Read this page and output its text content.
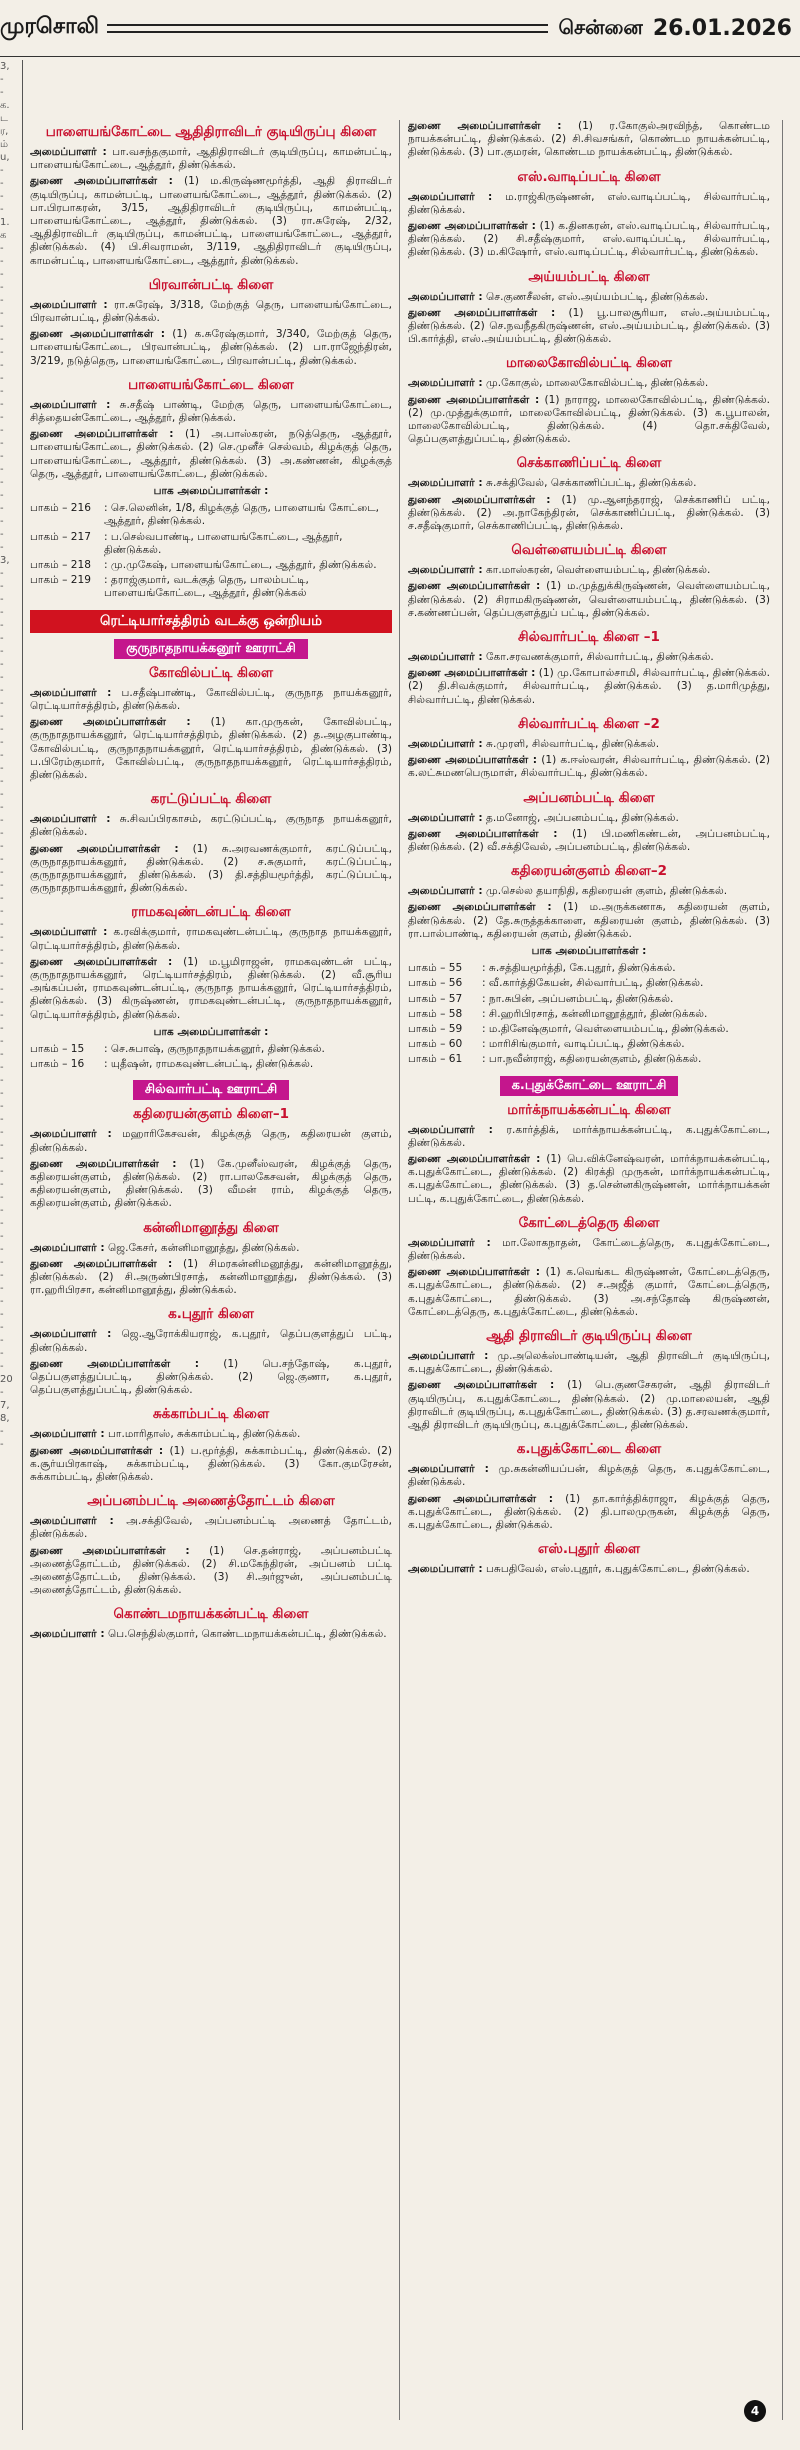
முரசொலி	சென்னை 26.01.2026
3,
-
-
க.
ட
ர,
ம்
u,
-
-
-
-
1.
க
-
-
-
-
-
-
-
-
-
-
-
-
-
-
-
-
-
-
-
-
-
-
-
-
3,
-
-
-
-
-
-
-
-
-
-
-
-
-
-
-
-
-
-
-
-
-
-
-
-
-
-
-
-
-
-
-
-
-
-
-
-
-
-
-
-
-
-
-
-
-
-
-
-
-
-
-
-
-
-
-
-
-
-
-
-
-
-
20
-
7,
8,
-
-
பாளையங்கோட்டை ஆதிதிராவிடர் குடியிருப்பு கிளை
அமைப்பாளர் : பா.வசந்தகுமார், ஆதிதிராவிடர் குடியிருப்பு, காமன்பட்டி, பாளையங்கோட்டை, ஆத்தூர், திண்டுக்கல்.
துணை அமைப்பாளர்கள் : (1) ம.கிருஷ்ணமூர்த்தி, ஆதி திராவிடர் குடியிருப்பு, காமன்பட்டி, பாளையங்கோட்டை, ஆத்தூர், திண்டுக்கல். (2) பா.பிரபாகரன், 3/15, ஆதிதிராவிடர் குடியிருப்பு, காமன்பட்டி, பாளையங்கோட்டை, ஆத்தூர், திண்டுக்கல். (3) ரா.சுரேஷ், 2/32, ஆதிதிராவிடர் குடியிருப்பு, காமன்பட்டி, பாளையங்கோட்டை, ஆத்தூர், திண்டுக்கல். (4) பி.சிவராமன், 3/119, ஆதிதிராவிடர் குடியிருப்பு, காமன்பட்டி, பாளையங்கோட்டை, ஆத்தூர், திண்டுக்கல்.
பிரவான்பட்டி கிளை
அமைப்பாளர் : ரா.சுரேஷ், 3/318, மேற்குத் தெரு, பாளையங்கோட்டை, பிரவான்பட்டி, திண்டுக்கல்.
துணை அமைப்பாளர்கள் : (1) க.சுரேஷ்குமார், 3/340, மேற்குத் தெரு, பாளையங்கோட்டை, பிரவான்பட்டி, திண்டுக்கல். (2) பா.ராஜேந்திரன், 3/219, நடுத்தெரு, பாளையங்கோட்டை, பிரவான்பட்டி, திண்டுக்கல்.
பாளையங்கோட்டை கிளை
அமைப்பாளர் : சு.சதீஷ் பாண்டி, மேற்கு தெரு, பாளையங்கோட்டை, சித்தையன்கோட்டை, ஆத்தூர், திண்டுக்கல்.
துணை அமைப்பாளர்கள் : (1) அ.பாஸ்கரன், நடுத்தெரு, ஆத்தூர், பாளையங்கோட்டை, திண்டுக்கல். (2) செ.முனீச் செல்வம், கிழக்குத் தெரு, பாளையங்கோட்டை, ஆத்தூர், திண்டுக்கல். (3) அ.கண்ணன், கிழக்குத் தெரு, ஆத்தூர், பாளையங்கோட்டை, திண்டுக்கல்.
பாக அமைப்பாளர்கள் :
பாகம் – 216	: செ.லெனின், 1/8, கிழக்குத் தெரு, பாளையங் கோட்டை, ஆத்தூர், திண்டுக்கல்.
பாகம் – 217	: ப.செல்வபாண்டி, பாளையங்கோட்டை, ஆத்தூர், திண்டுக்கல்.
பாகம் – 218	: மு.முகேஷ், பாளையங்கோட்டை, ஆத்தூர், திண்டுக்கல்.
பாகம் – 219	: தராஜ்குமார், வடக்குத் தெரு, பாலம்பட்டி, பாளையங்கோட்டை, ஆத்தூர், திண்டுக்கல்
ரெட்டியார்சத்திரம் வடக்கு ஒன்றியம்
குருநாதநாயக்கனூர் ஊராட்சி
கோவில்பட்டி கிளை
அமைப்பாளர் : ப.சதீஷ்பாண்டி, கோவில்பட்டி, குருநாத நாயக்கனூர், ரெட்டியார்சத்திரம், திண்டுக்கல்.
துணை அமைப்பாளர்கள் : (1) கா.முருகன், கோவில்பட்டி, குருநாதநாயக்கனூர், ரெட்டியார்சத்திரம், திண்டுக்கல். (2) த.அழகுபாண்டி, கோவில்பட்டி, குருநாதநாயக்கனூர், ரெட்டியார்சத்திரம், திண்டுக்கல். (3) ப.பிரேம்குமார், கோவில்பட்டி, குருநாதநாயக்கனூர், ரெட்டியார்சத்திரம், திண்டுக்கல்.
கரட்டுப்பட்டி கிளை
அமைப்பாளர் : சு.சிவப்பிரகாசம், கரட்டுப்பட்டி, குருநாத நாயக்கனூர், திண்டுக்கல்.
துணை அமைப்பாளர்கள் : (1) சு.அரவணக்குமார், கரட்டுப்பட்டி, குருநாதநாயக்கனூர், திண்டுக்கல். (2) ச.சுகுமார், கரட்டுப்பட்டி, குருநாதநாயக்கனூர், திண்டுக்கல். (3) தி.சத்தியமூர்த்தி, கரட்டுப்பட்டி, குருநாதநாயக்கனூர், திண்டுக்கல்.
ராமகவுண்டன்பட்டி கிளை
அமைப்பாளர் : க.ரவிக்குமார், ராமகவுண்டன்பட்டி, குருநாத நாயக்கனூர், ரெட்டியார்சத்திரம், திண்டுக்கல்.
துணை அமைப்பாளர்கள் : (1) ம.பூமிராஜன், ராமகவுண்டன் பட்டி, குருநாதநாயக்கனூர், ரெட்டியார்சத்திரம், திண்டுக்கல். (2) வீ.சூரிய அங்கப்பன், ராமகவுண்டன்பட்டி, குருநாத நாயக்கனூர், ரெட்டியார்சத்திரம், திண்டுக்கல். (3) கிருஷ்ணன், ராமகவுண்டன்பட்டி, குருநாதநாயக்கனூர், ரெட்டியார்சத்திரம், திண்டுக்கல்.
பாக அமைப்பாளர்கள் :
பாகம் – 15	: செ.சுபாஷ், குருநாதநாயக்கனூர், திண்டுக்கல்.
பாகம் – 16	: யுதீஷன், ராமகவுண்டன்பட்டி, திண்டுக்கல்.
சில்வார்பட்டி ஊராட்சி
கதிரையன்குளம் கிளை–1
அமைப்பாளர் : மஹாரிகேசவன், கிழக்குத் தெரு, கதிரையன் குளம், திண்டுக்கல்.
துணை அமைப்பாளர்கள் : (1) கே.முனீஸ்வரன், கிழக்குத் தெரு, கதிரையன்குளம், திண்டுக்கல். (2) ரா.பாலகேசவன், கிழக்குத் தெரு, கதிரையன்குளம், திண்டுக்கல். (3) வீமன் ராம், கிழக்குத் தெரு, கதிரையன்குளம், திண்டுக்கல்.
கன்னிமானூத்து கிளை
அமைப்பாளர் : ஜெ.கேசர், கன்னிமானூத்து, திண்டுக்கல்.
துணை அமைப்பாளர்கள் : (1) சிமரகன்னிமனூத்து, கன்னிமானூத்து, திண்டுக்கல். (2) சி.அருண்பிரசாத், கன்னிமானூத்து, திண்டுக்கல். (3) ரா.ஹரிபிரசா, கன்னிமானூத்து, திண்டுக்கல்.
க.புதூர் கிளை
அமைப்பாளர் : ஜெ.ஆரோக்கியராஜ், க.புதூர், தெப்பகுளத்துப் பட்டி, திண்டுக்கல்.
துணை அமைப்பாளர்கள் : (1) பெ.சந்தோஷ், க.புதூர், தெப்பகுளத்துப்பட்டி, திண்டுக்கல். (2) ஜெ.குணா, க.புதூர், தெப்பகுளத்துப்பட்டி, திண்டுக்கல்.
சுக்காம்பட்டி கிளை
அமைப்பாளர் : பா.மாரிதாஸ், சுக்காம்பட்டி, திண்டுக்கல்.
துணை அமைப்பாளர்கள் : (1) ப.மூர்த்தி, சுக்காம்பட்டி, திண்டுக்கல். (2) க.சூர்யபிரகாஷ், சுக்காம்பட்டி, திண்டுக்கல். (3) கோ.குமரேசன், சுக்காம்பட்டி, திண்டுக்கல்.
அப்பனம்பட்டி அணைத்தோட்டம் கிளை
அமைப்பாளர் : அ.சக்திவேல், அப்பனம்பட்டி அணைத் தோட்டம், திண்டுக்கல்.
துணை அமைப்பாளர்கள் : (1) செ.தன்ராஜ், அப்பனம்பட்டி அணைத்தோட்டம், திண்டுக்கல். (2) சி.மகேந்திரன், அப்பனம் பட்டி அணைத்தோட்டம், திண்டுக்கல். (3) சி.அர்ஜுன், அப்பனம்பட்டி அணைத்தோட்டம், திண்டுக்கல்.
கொண்டமநாயக்கன்பட்டி கிளை
அமைப்பாளர் : பெ.செந்தில்குமார், கொண்டமநாயக்கன்பட்டி, திண்டுக்கல்.
துணை அமைப்பாளர்கள் : (1) ர.கோகுல்அரவிந்த், கொண்டம நாயக்கன்பட்டி, திண்டுக்கல். (2) சி.சிவசங்கர், கொண்டம நாயக்கன்பட்டி, திண்டுக்கல். (3) பா.குமரன், கொண்டம நாயக்கன்பட்டி, திண்டுக்கல்.
எஸ்.வாடிப்பட்டி கிளை
அமைப்பாளர் : ம.ராஜ்கிருஷ்ணன், எஸ்.வாடிப்பட்டி, சில்வார்பட்டி, திண்டுக்கல்.
துணை அமைப்பாளர்கள் : (1) க.தினகரன், எஸ்.வாடிப்பட்டி, சில்வார்பட்டி, திண்டுக்கல். (2) சி.சதீஷ்குமார், எஸ்.வாடிப்பட்டி, சில்வார்பட்டி, திண்டுக்கல். (3) ம.கிஷோர், எஸ்.வாடிப்பட்டி, சில்வார்பட்டி, திண்டுக்கல்.
அய்யம்பட்டி கிளை
அமைப்பாளர் : செ.குணசீலன், எஸ்.அய்யம்பட்டி, திண்டுக்கல்.
துணை அமைப்பாளர்கள் : (1) பூ.பாலசூரியா, எஸ்.அய்யம்பட்டி, திண்டுக்கல். (2) செ.நவநீதகிருஷ்ணன், எஸ்.அய்யம்பட்டி, திண்டுக்கல். (3) பி.கார்த்தி, எஸ்.அய்யம்பட்டி, திண்டுக்கல்.
மாலைகோவில்பட்டி கிளை
அமைப்பாளர் : மு.கோகுல், மாலைகோவில்பட்டி, திண்டுக்கல்.
துணை அமைப்பாளர்கள் : (1) நாராஜ, மாலைகோவில்பட்டி, திண்டுக்கல். (2) மு.முத்துக்குமார், மாலைகோவில்பட்டி, திண்டுக்கல். (3) க.பூபாலன், மாலைகோவில்பட்டி, திண்டுக்கல். (4) தொ.சக்திவேல், தெப்பகுளத்துப்பட்டி, திண்டுக்கல்.
செக்காணிப்பட்டி கிளை
அமைப்பாளர் : சு.சக்திவேல், செக்காணிப்பட்டி, திண்டுக்கல்.
துணை அமைப்பாளர்கள் : (1) மு.ஆனந்தராஜ், செக்காணிப் பட்டி, திண்டுக்கல். (2) அ.நாகேந்திரன், செக்காணிப்பட்டி, திண்டுக்கல். (3) ச.சதீஷ்குமார், செக்காணிப்பட்டி, திண்டுக்கல்.
வெள்ளையம்பட்டி கிளை
அமைப்பாளர் : கா.மாஸ்கரன், வெள்ளையம்பட்டி, திண்டுக்கல்.
துணை அமைப்பாளர்கள் : (1) ம.முத்துக்கிருஷ்ணன், வெள்ளையம்பட்டி, திண்டுக்கல். (2) சிராமகிருஷ்ணன், வெள்ளையம்பட்டி, திண்டுக்கல். (3) ச.கண்ணப்பன், தெப்பகுளத்துப் பட்டி, திண்டுக்கல்.
சில்வார்பட்டி கிளை –1
அமைப்பாளர் : கோ.சரவணக்குமார், சில்வார்பட்டி, திண்டுக்கல்.
துணை அமைப்பாளர்கள் : (1) மு.கோபால்சாமி, சில்வார்பட்டி, திண்டுக்கல். (2) தி.சிவக்குமார், சில்வார்பட்டி, திண்டுக்கல். (3) த.மாரிமுத்து, சில்வார்பட்டி, திண்டுக்கல்.
சில்வார்பட்டி கிளை –2
அமைப்பாளர் : சு.முரளி, சில்வார்பட்டி, திண்டுக்கல்.
துணை அமைப்பாளர்கள் : (1) க.ஈஸ்வரன், சில்வார்பட்டி, திண்டுக்கல். (2) க.லட்சுமணபெருமாள், சில்வார்பட்டி, திண்டுக்கல்.
அப்பனம்பட்டி கிளை
அமைப்பாளர் : த.மனோஜ், அப்பனம்பட்டி, திண்டுக்கல்.
துணை அமைப்பாளர்கள் : (1) பி.மணிகண்டன், அப்பனம்பட்டி, திண்டுக்கல். (2) வீ.சக்திவேல், அப்பனம்பட்டி, திண்டுக்கல்.
கதிரையன்குளம் கிளை–2
அமைப்பாளர் : மு.செல்ல தயாநிதி, கதிரையன் குளம், திண்டுக்கல்.
துணை அமைப்பாளர்கள் : (1) ம.அருக்கணாசு, கதிரையன் குளம், திண்டுக்கல். (2) தே.சுருத்தக்காளை, கதிரையன் குளம், திண்டுக்கல். (3) ரா.பால்பாண்டி, கதிரையன் குளம், திண்டுக்கல்.
பாக அமைப்பாளர்கள் :
பாகம் – 55	: சு.சத்தியமூர்த்தி, கே.புதூர், திண்டுக்கல்.
பாகம் – 56	: வீ.கார்த்திகேயன், சில்வார்பட்டி, திண்டுக்கல்.
பாகம் – 57	: நா.சுபின், அப்பனம்பட்டி, திண்டுக்கல்.
பாகம் – 58	: சி.ஹரிபிரசாத், கன்னிமானூத்தூர், திண்டுக்கல்.
பாகம் – 59	: ம.தினேஷ்குமார், வெள்ளையம்பட்டி, திண்டுக்கல்.
பாகம் – 60	: மாரிசிங்குமார், வாடிப்பட்டி, திண்டுக்கல்.
பாகம் – 61	: பா.நவீன்ராஜ், கதிரையன்குளம், திண்டுக்கல்.
க.புதுக்கோட்டை ஊராட்சி
மார்க்நாயக்கன்பட்டி கிளை
அமைப்பாளர் : ர.கார்த்திக், மார்க்நாயக்கன்பட்டி, க.புதுக்கோட்டை, திண்டுக்கல்.
துணை அமைப்பாளர்கள் : (1) பெ.விக்னேஷ்வரன், மார்க்நாயக்கன்பட்டி, க.புதுக்கோட்டை, திண்டுக்கல். (2) கிரக்தி முருகன், மார்க்நாயக்கன்பட்டி, க.புதுக்கோட்டை, திண்டுக்கல். (3) த.சென்னகிருஷ்ணன், மார்க்நாயக்கன் பட்டி, க.புதுக்கோட்டை, திண்டுக்கல்.
கோட்டைத்தெரு கிளை
அமைப்பாளர் : மா.லோகநாதன், கோட்டைத்தெரு, க.புதுக்கோட்டை, திண்டுக்கல்.
துணை அமைப்பாளர்கள் : (1) க.வெங்கட கிருஷ்ணன், கோட்டைத்தெரு, க.புதுக்கோட்டை, திண்டுக்கல். (2) ச.அஜீத் குமார், கோட்டைத்தெரு, க.புதுக்கோட்டை, திண்டுக்கல். (3) அ.சந்தோஷ் கிருஷ்ணன், கோட்டைத்தெரு, க.புதுக்கோட்டை, திண்டுக்கல்.
ஆதி திராவிடர் குடியிருப்பு கிளை
அமைப்பாளர் : மு.அலெக்ஸ்பாண்டியன், ஆதி திராவிடர் குடியிருப்பு, க.புதுக்கோட்டை, திண்டுக்கல்.
துணை அமைப்பாளர்கள் : (1) பெ.குணசேகரன், ஆதி திராவிடர் குடியிருப்பு, க.புதுக்கோட்டை, திண்டுக்கல். (2) மு.மாலையன், ஆதி திராவிடர் குடியிருப்பு, க.புதுக்கோட்டை, திண்டுக்கல். (3) த.சரவணக்குமார், ஆதி திராவிடர் குடியிருப்பு, க.புதுக்கோட்டை, திண்டுக்கல்.
க.புதுக்கோட்டை கிளை
அமைப்பாளர் : மு.சுகன்னியப்பன், கிழக்குத் தெரு, க.புதுக்கோட்டை, திண்டுக்கல்.
துணை அமைப்பாளர்கள் : (1) தா.கார்த்திக்ராஜா, கிழக்குத் தெரு, க.புதுக்கோட்டை, திண்டுக்கல். (2) தி.பாலமுருகன், கிழக்குத் தெரு, க.புதுக்கோட்டை, திண்டுக்கல்.
எஸ்.புதூர் கிளை
அமைப்பாளர் : பசுபதிவேல், எஸ்.புதூர், க.புதுக்கோட்டை, திண்டுக்கல்.
4
